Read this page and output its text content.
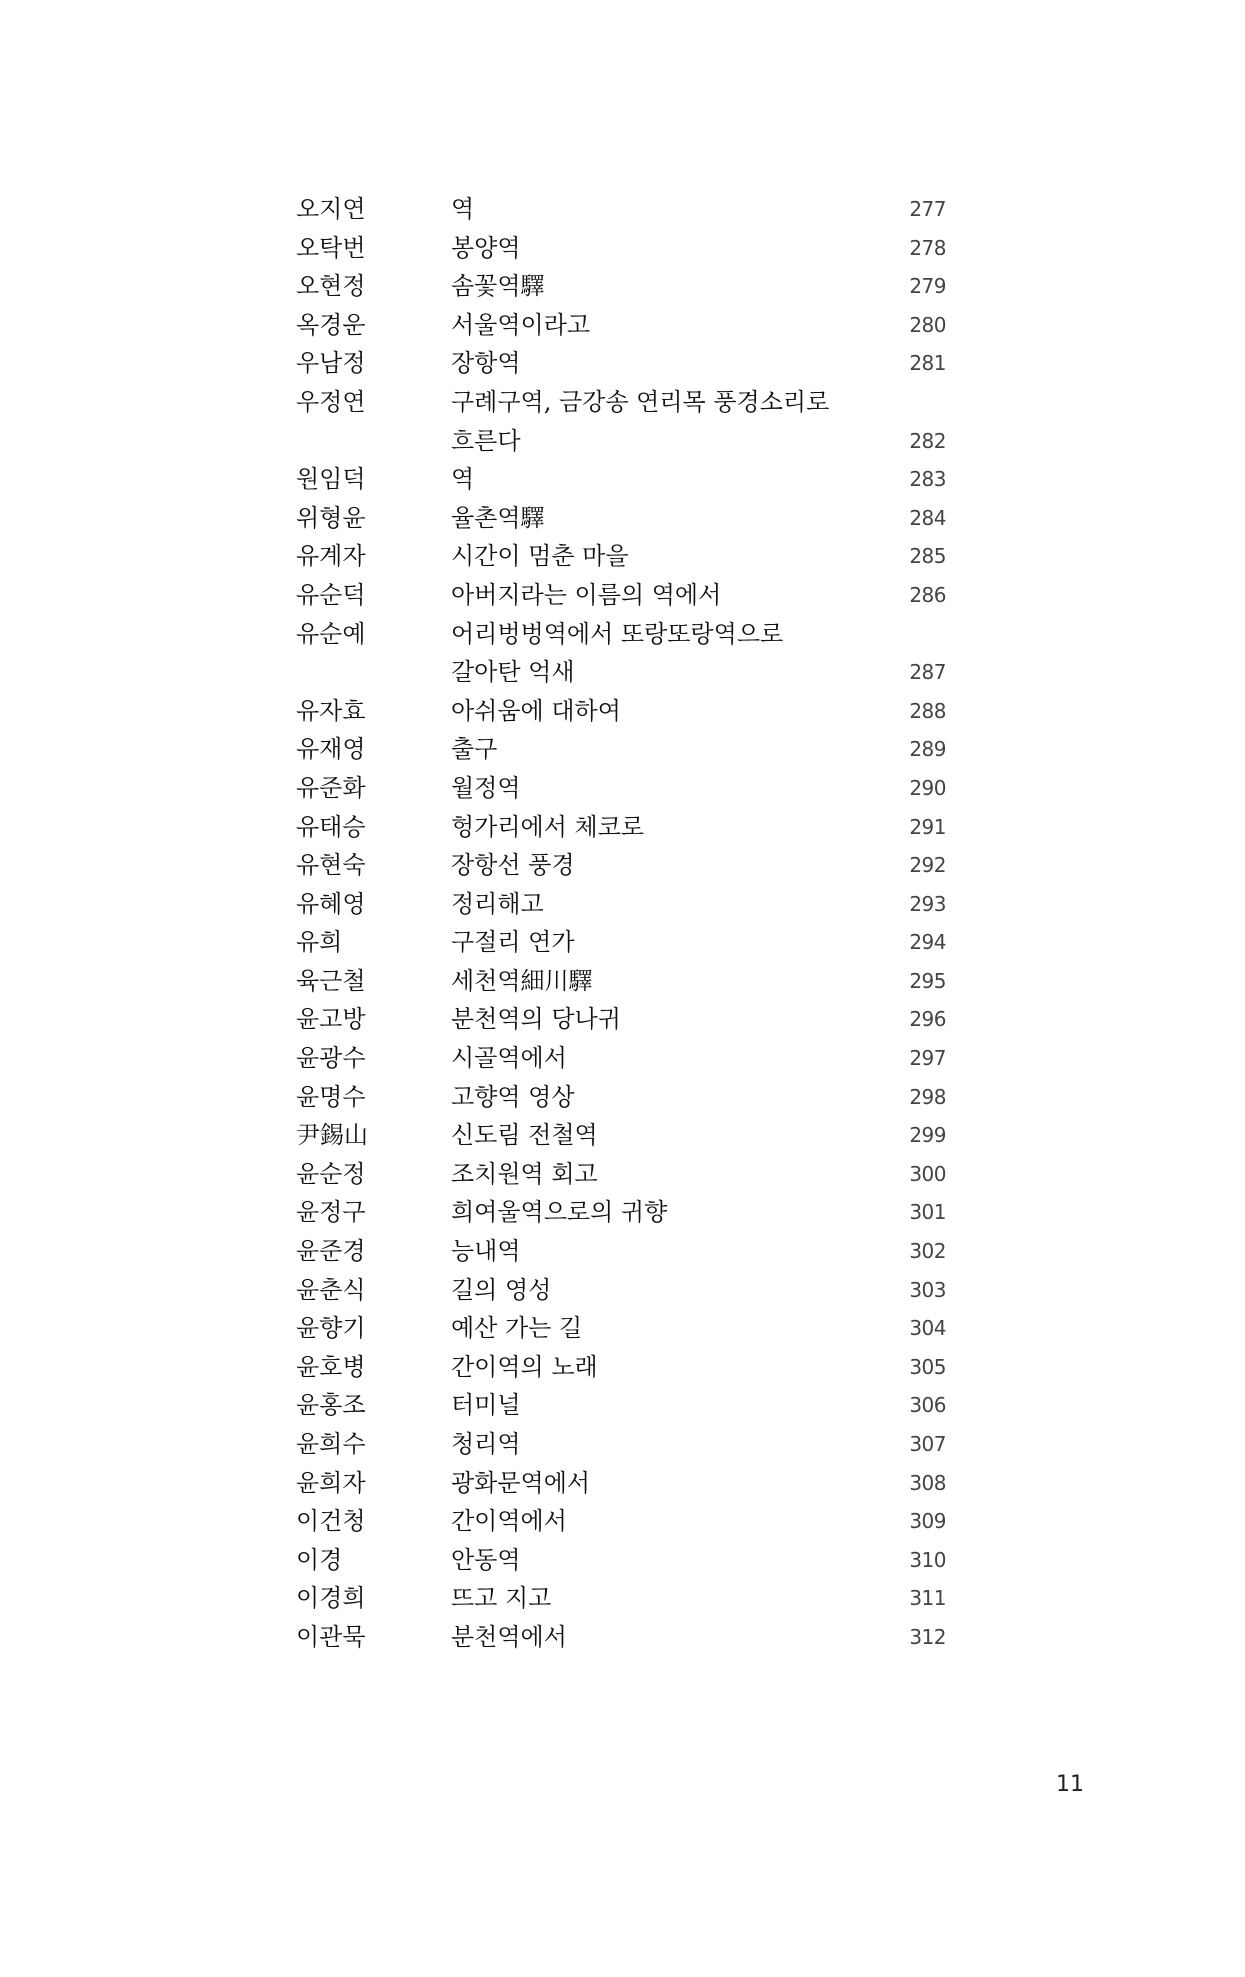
오지연	역	277
오탁번	봉양역	278
오현정	솜꽃역驛	279
옥경운	서울역이라고	280
우남정	장항역	281
우정연	구례구역, 금강송 연리목 풍경소리로
흐른다	282
원임덕	역	283
위형윤	율촌역驛	284
유계자	시간이 멈춘 마을	285
유순덕	아버지라는 이름의 역에서	286
유순예	어리벙벙역에서 또랑또랑역으로
갈아탄 억새	287
유자효	아쉬움에 대하여	288
유재영	출구	289
유준화	월정역	290
유태승	헝가리에서 체코로	291
유현숙	장항선 풍경	292
유혜영	정리해고	293
유희	구절리 연가	294
육근철	세천역細川驛	295
윤고방	분천역의 당나귀	296
윤광수	시골역에서	297
윤명수	고향역 영상	298
尹錫山	신도림 전철역	299
윤순정	조치원역 회고	300
윤정구	희여울역으로의 귀향	301
윤준경	능내역	302
윤춘식	길의 영성	303
윤향기	예산 가는 길	304
윤호병	간이역의 노래	305
윤홍조	터미널	306
윤희수	청리역	307
윤희자	광화문역에서	308
이건청	간이역에서	309
이경	안동역	310
이경희	뜨고 지고	311
이관묵	분천역에서	312
11
